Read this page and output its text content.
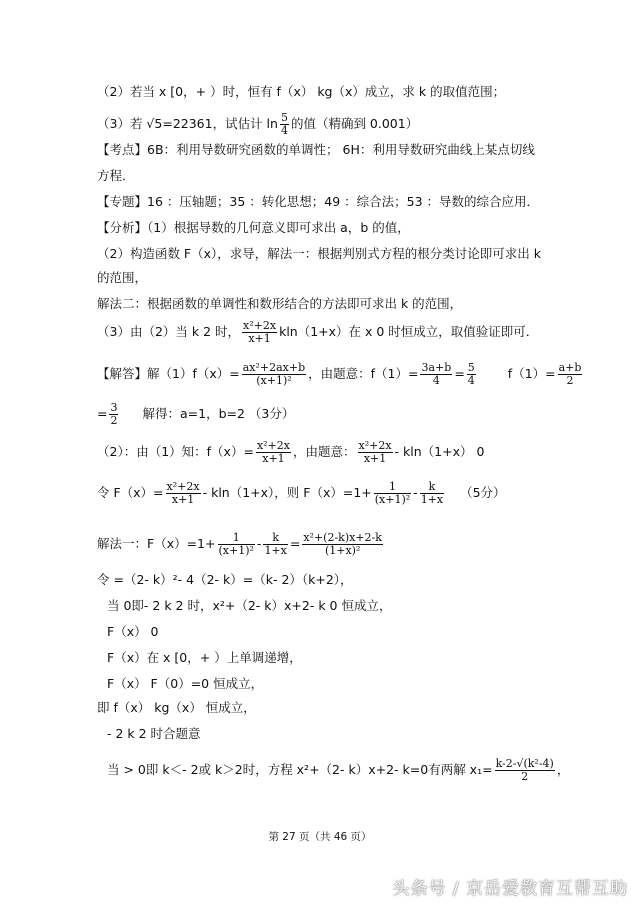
（2）若当 x [0，+ ）时，恒有 f（x） kg（x）成立，求 k 的取值范围；
（3）若 √5=22361，试估计 $\ln \frac{5}{4}$ 的值（精确到 0.001）
【考点】6B：利用导数研究函数的单调性； 6H：利用导数研究曲线上某点切线
方程．
【专题】16 ：压轴题；35 ：转化思想；49 ：综合法；53 ：导数的综合应用．
【分析】（1）根据导数的几何意义即可求出 a，b 的值，
（2）构造函数 F（x），求导，解法一：根据判别式方程的根分类讨论即可求出 k
的范围，
解法二：根据函数的单调性和数形结合的方法即可求出 k 的范围，
（3）由（2）当 k 2 时， $\frac{\text{x²+2x}}{x+1} kln(1+x)$在 x 0 时恒成立，取值验证即可．
【解答】解$(1)f(x)= \frac{\text{ax²+2ax+b}}{\text{(x+1)²}}$ ，由题意：$f(1)= \frac{3a+b}{4} = \frac{5}{4}$	$f(1)= \frac{a+b}{2}$
= $\frac{3}{2}$ 解得：a=1，b=2 （3分）
（2）：由（1）知：$f(x)= \frac{\text{x²+2x}}{x+1}$ ，由题意： $\frac{\text{x²+2x}}{x+1} - kln(1+x)$ 0
令 $F(x)= \frac{\text{x²+2x}}{x+1} - kln(1+x)$，则 $F(x)=1+ \frac{1}{\text{(x+1)²}} - \frac{k}{1+x} (5$分）
解法一：$F(x)=1+ \frac{1}{\text{(x+1)²}} - \frac{k}{1+x} = \frac{\text{x²+(2-k)x+2-k}}{\text{(1+x)²}}$
令 =（2- k）²- 4（2- k）=（k- 2）（k+2），
当 0即- 2 k 2 时，x²+（2- k）x+2- k 0 恒成立，
F（x） 0
F（x）在 x [0，+ ）上单调递增，
F（x） F（0）=0 恒成立，
即 f（x） kg（x） 恒成立，
- 2 k 2 时合题意
当 > 0即 k＜- 2或 k＞2时，方程 x²+（2- k）x+2- k=0有两解 $x_1= \frac{\text{k-2-√(k²-4)}}{2}$ ，
第 27 页（共 46 页）
头条号 / 京岳爱教育互帮互助
